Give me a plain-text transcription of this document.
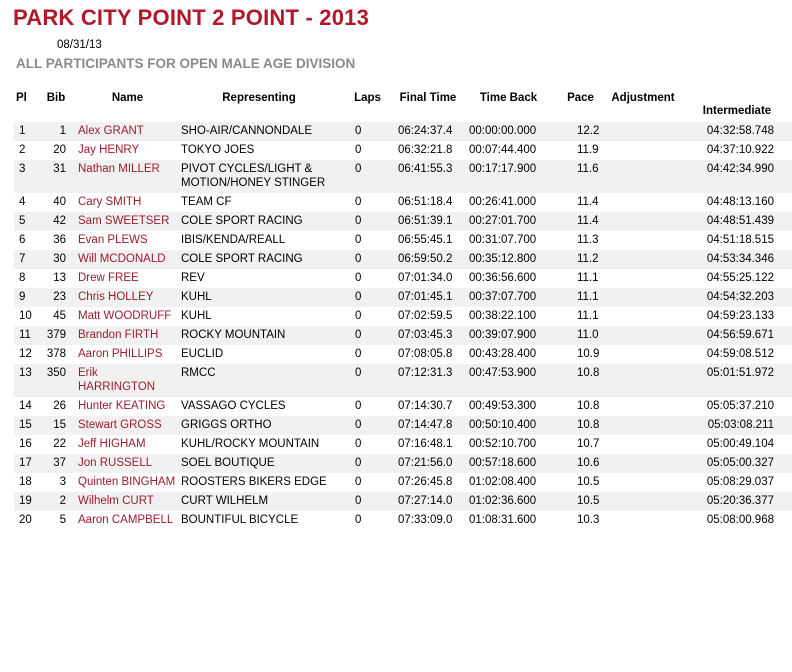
PARK CITY POINT 2 POINT - 2013
08/31/13
ALL PARTICIPANTS FOR OPEN MALE AGE DIVISION
Pl	Bib	Name	Representing	Laps	Final Time	Time Back	Pace	Adjustment	Intermediate
1	1	Alex GRANT	SHO-AIR/CANNONDALE	0	06:24:37.4	00:00:00.000	12.2		04:32:58.748
2	20	Jay HENRY	TOKYO JOES	0	06:32:21.8	00:07:44.400	11.9		04:37:10.922
3	31	Nathan MILLER	PIVOT CYCLES/LIGHT & MOTION/HONEY STINGER	0	06:41:55.3	00:17:17.900	11.6		04:42:34.990
4	40	Cary SMITH	TEAM CF	0	06:51:18.4	00:26:41.000	11.4		04:48:13.160
5	42	Sam SWEETSER	COLE SPORT RACING	0	06:51:39.1	00:27:01.700	11.4		04:48:51.439
6	36	Evan PLEWS	IBIS/KENDA/REALL	0	06:55:45.1	00:31:07.700	11.3		04:51:18.515
7	30	Will MCDONALD	COLE SPORT RACING	0	06:59:50.2	00:35:12.800	11.2		04:53:34.346
8	13	Drew FREE	REV	0	07:01:34.0	00:36:56.600	11.1		04:55:25.122
9	23	Chris HOLLEY	KUHL	0	07:01:45.1	00:37:07.700	11.1		04:54:32.203
10	45	Matt WOODRUFF	KUHL	0	07:02:59.5	00:38:22.100	11.1		04:59:23.133
11	379	Brandon FIRTH	ROCKY MOUNTAIN	0	07:03:45.3	00:39:07.900	11.0		04:56:59.671
12	378	Aaron PHILLIPS	EUCLID	0	07:08:05.8	00:43:28.400	10.9		04:59:08.512
13	350	Erik HARRINGTON	RMCC	0	07:12:31.3	00:47:53.900	10.8		05:01:51.972
14	26	Hunter KEATING	VASSAGO CYCLES	0	07:14:30.7	00:49:53.300	10.8		05:05:37.210
15	15	Stewart GROSS	GRIGGS ORTHO	0	07:14:47.8	00:50:10.400	10.8		05:03:08.211
16	22	Jeff HIGHAM	KUHL/ROCKY MOUNTAIN	0	07:16:48.1	00:52:10.700	10.7		05:00:49.104
17	37	Jon RUSSELL	SOEL BOUTIQUE	0	07:21:56.0	00:57:18.600	10.6		05:05:00.327
18	3	Quinten BINGHAM	ROOSTERS BIKERS EDGE	0	07:26:45.8	01:02:08.400	10.5		05:08:29.037
19	2	Wilhelm CURT	CURT WILHELM	0	07:27:14.0	01:02:36.600	10.5		05:20:36.377
20	5	Aaron CAMPBELL	BOUNTIFUL BICYCLE	0	07:33:09.0	01:08:31.600	10.3		05:08:00.968
